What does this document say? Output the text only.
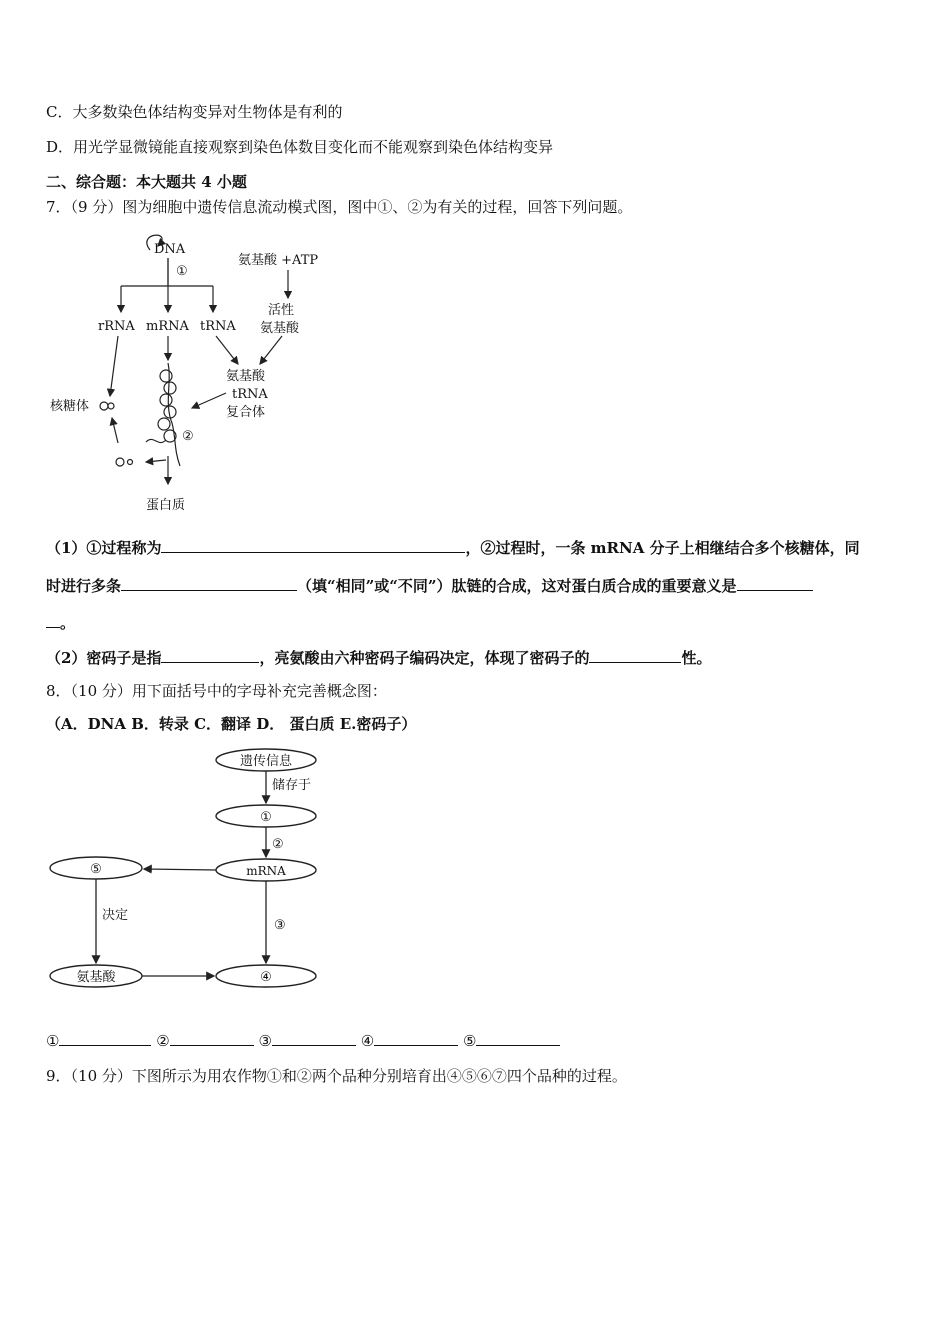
C．大多数染色体结构变异对生物体是有利的
D．用光学显微镜能直接观察到染色体数目变化而不能观察到染色体结构变异
二、综合题：本大题共 4 小题
7．（9 分）图为细胞中遗传信息流动模式图，图中①、②为有关的过程，回答下列问题。
DNA
①
rRNA mRNA tRNA
氨基酸 +ATP
活性
氨基酸
氨基酸
tRNA
复合体
核糖体
②
蛋白质
（1）①过程称为	，②过程时，一条 mRNA 分子上相继结合多个核糖体，同
时进行多条	（填“相同”或“不同”）肽链的合成，这对蛋白质合成的重要意义是
。
（2）密码子是指	，亮氨酸由六种密码子编码决定，体现了密码子的	性。
8．（10 分）用下面括号中的字母补充完善概念图：
（A．DNA B．转录 C．翻译 D． 蛋白质 E.密码子）
遗传信息
储存于
①
②
mRNA
⑤
决定
③
氨基酸	④
①	②	③	④	⑤
9．（10 分）下图所示为用农作物①和②两个品种分别培育出④⑤⑥⑦四个品种的过程。
